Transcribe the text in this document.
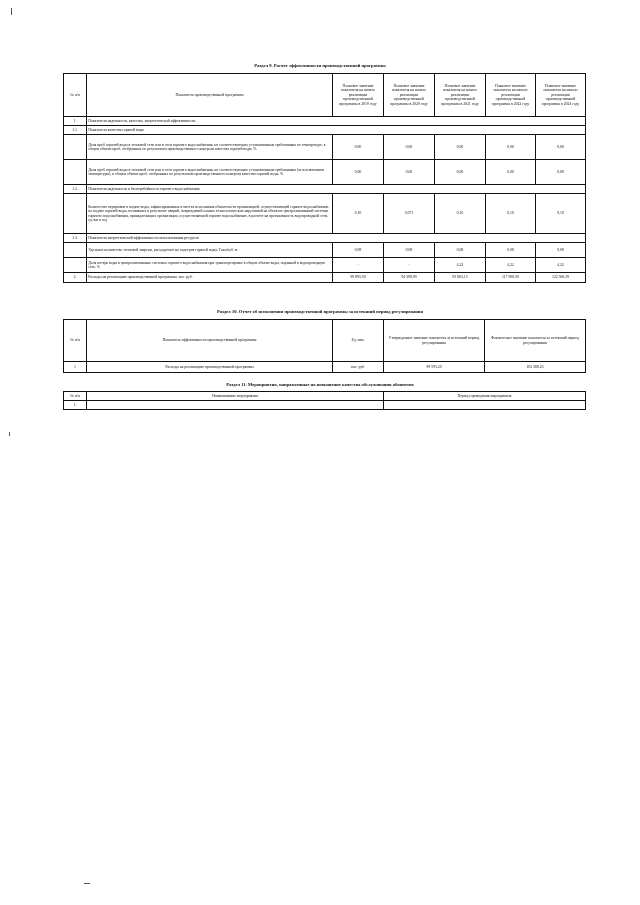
Раздел 9. Расчет эффективности производственной программы
№ п/п	Показатель производственной программы	Плановое значение показателя на начало реализации производственной программы в 2019 году	Плановое значение показателя на начало реализации производственной программы в 2020 году	Плановое значение показателя на начало реализации производственной программы в 2021 году	Плановое значение показателя на начало реализации производственной программы в 2022 году	Плановое значение показателя на начало реализации производственной программы в 2023 году
1.	Показатели надежности, качества, энергетической эффективности					
1.1.	Показатели качества горячей воды					
	Доля проб горячей воды в тепловой сети или в сети горячего водоснабжения, не соответствующих установленным требованиям по температуре, в общем объеме проб, отобранных по результатам производственного контроля качества горячей воды, %	0,00	0,00	0,00	0,00	0,00
	Доля проб горячей воды в тепловой сети или в сети горячего водоснабжения, не соответствующих установленным требованиям (за исключением температуры), в общем объеме проб, отобранных по результатам производственного контроля качества горячей воды, %	0,00	0,00	0,00	0,00	0,00
1.2.	Показатели надежности и бесперебойности горячего водоснабжения					
	Количество перерывов в подаче воды, зафиксированных в местах исполнения обязательств организацией, осуществляющей горячее водоснабжение, по подаче горячей воды, возникших в результате аварий, повреждений и иных технологических нарушений на объектах централизованной системы горячего водоснабжения, принадлежащих организации, осуществляющей горячее водоснабжение, в расчете на протяженность водопроводной сети, ед./км в год	0,10	0,071	0,10	0,10	0,10
1.3.	Показатели энергетической эффективности использования ресурсов					
	Удельное количество тепловой энергии, расходуемое на подогрев горячей воды, Гкал/куб. м	0,08	0,08	0,08	0,08	0,08
	Доля потерь воды в централизованных системах горячего водоснабжения при транспортировке в общем объеме воды, поданной в водопроводную сеть, %	-	-	4,22	4,22	4,22
2.	Расходы на реализацию производственной программы, тыс. руб.	99 895,50	94 398,99	95 863,15	117 900,50	122 506,39
Раздел 10. Отчет об исполнении производственной программы за истекший период регулирования
№ п/п	Показатель эффективности производственной программы	Ед. изм.	Утвержденное значение показателя за истекший период регулирования	Фактическое значение показателя за истекший период регулирования
1	Расходы на реализацию производственной программы	тыс. руб.	99 593,20	102 388,23
Раздел 11. Мероприятия, направленные на повышение качества обслуживания абонентов
№ п/п	Наименование мероприятия	Период проведения мероприятия
1.		
